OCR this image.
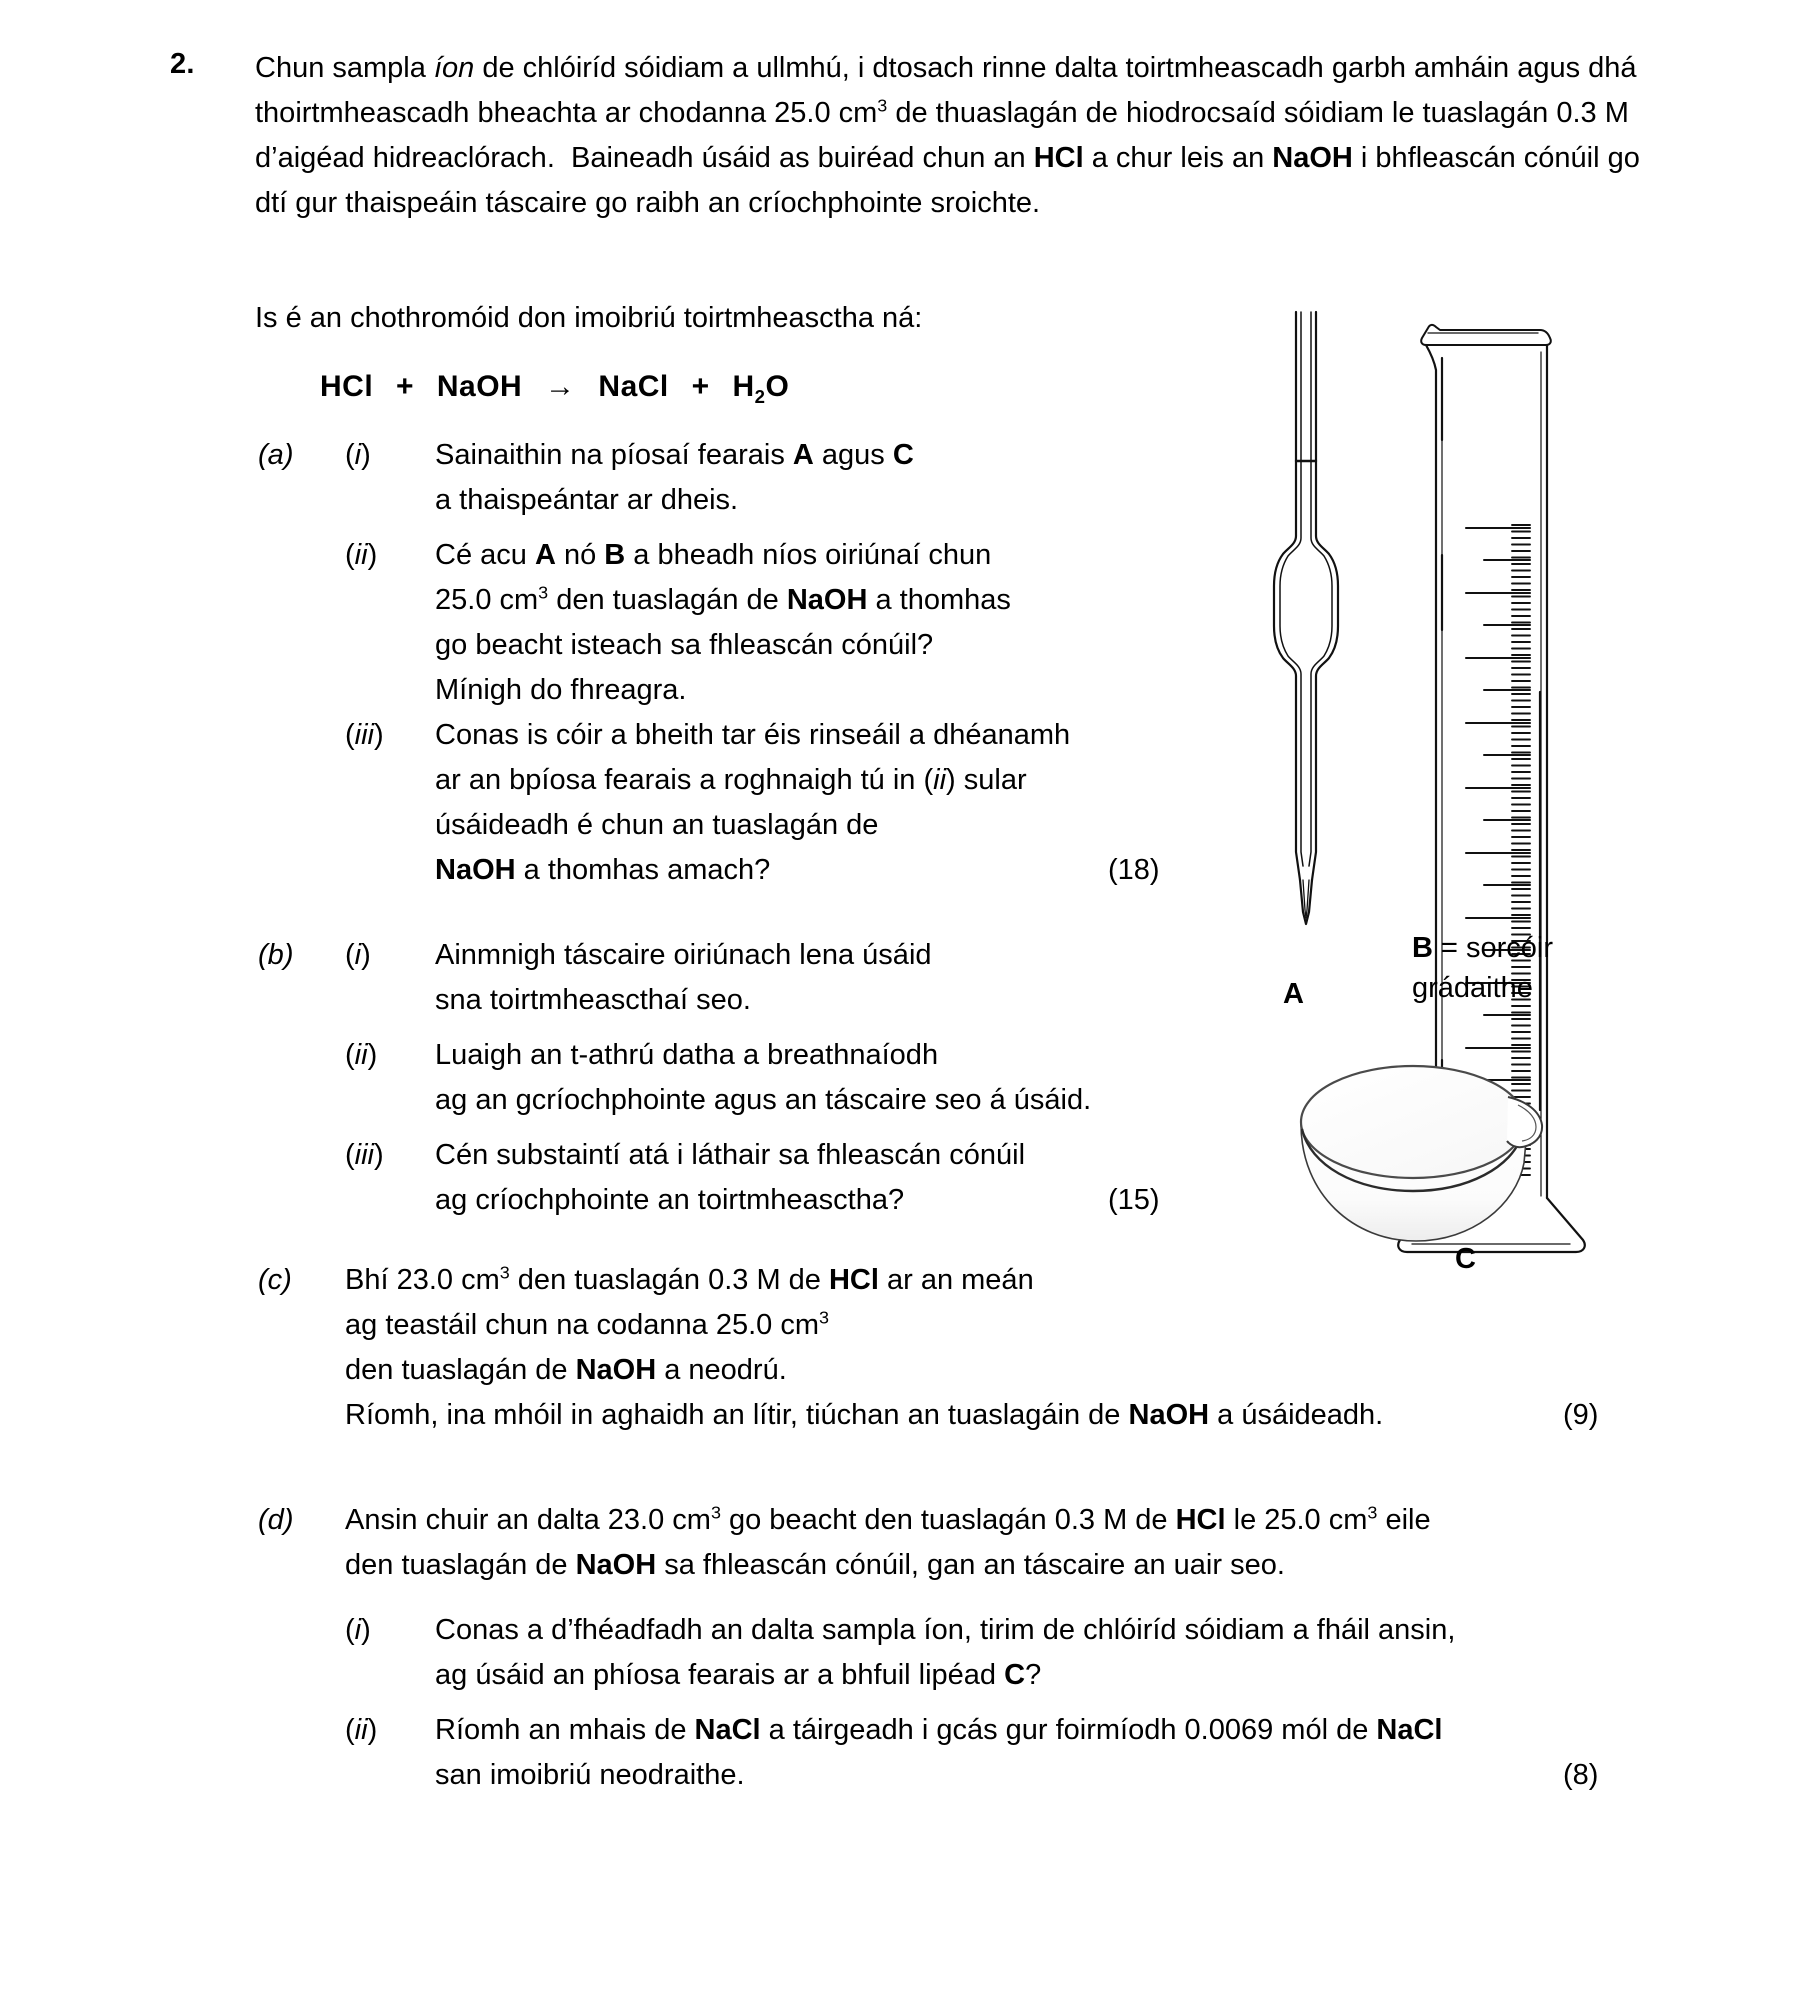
2. Chun sampla íon de chlóiríd sóidiam a ullmhú, i dtosach rinne dalta toirtmheascadh garbh amháin agus dhá thoirtmheascadh bheachta ar chodanna 25.0 $cm^3$ de thuaslagán de hiodrocsaíd sóidiam le tuaslagán 0.3 M d’aigéad hidreaclórach.  Baineadh úsáid as buiréad chun an HCl a chur leis an NaOH i bhfleascán cónúil go dtí gur thaispeáin táscaire go raibh an críochphointe sroichte.
Is é an chothromóid don imoibriú toirtmheasctha ná:
HCl + NaOH → NaCl + $H_2O$
(a) (i) Sainaithin na píosaí fearais A agus C
a thaispeántar ar dheis.
(ii) Cé acu A nó B a bheadh níos oiriúnaí chun
25.0 $cm^3$ den tuaslagán de NaOH a thomhas
go beacht isteach sa fhleascán cónúil?
Mínigh do fhreagra.
(iii) Conas is cóir a bheith tar éis rinseáil a dhéanamh
ar an bpíosa fearais a roghnaigh tú in (ii) sular
úsáideadh é chun an tuaslagán de
NaOH a thomhas amach?	(18)
(b) (i) Ainmnigh táscaire oiriúnach lena úsáid
sna toirtmheascthaí seo.
(ii) Luaigh an t-athrú datha a breathnaíodh
ag an gcríochphointe agus an táscaire seo á úsáid.
(iii) Cén substaintí atá i láthair sa fhleascán cónúil
ag críochphointe an toirtmheasctha?	(15)
(c) Bhí 23.0 $cm^3$ den tuaslagán 0.3 M de HCl ar an meán
ag teastáil chun na codanna 25.0 $cm^3$
den tuaslagán de NaOH a neodrú.
Ríomh, ina mhóil in aghaidh an lítir, tiúchan an tuaslagáin de NaOH a úsáideadh.	(9)
(d) Ansin chuir an dalta 23.0 $cm^3$ go beacht den tuaslagán 0.3 M de HCl le 25.0 $cm^3$ eile
den tuaslagán de NaOH sa fhleascán cónúil, gan an táscaire an uair seo.
(i) Conas a d’fhéadfadh an dalta sampla íon, tirim de chlóiríd sóidiam a fháil ansin,
ag úsáid an phíosa fearais ar a bhfuil lipéad C?
(ii) Ríomh an mhais de NaCl a táirgeadh i gcás gur foirmíodh 0.0069 mól de NaCl
san imoibriú neodraithe.	(8)
A
B = sorcóir grádaithe
C
